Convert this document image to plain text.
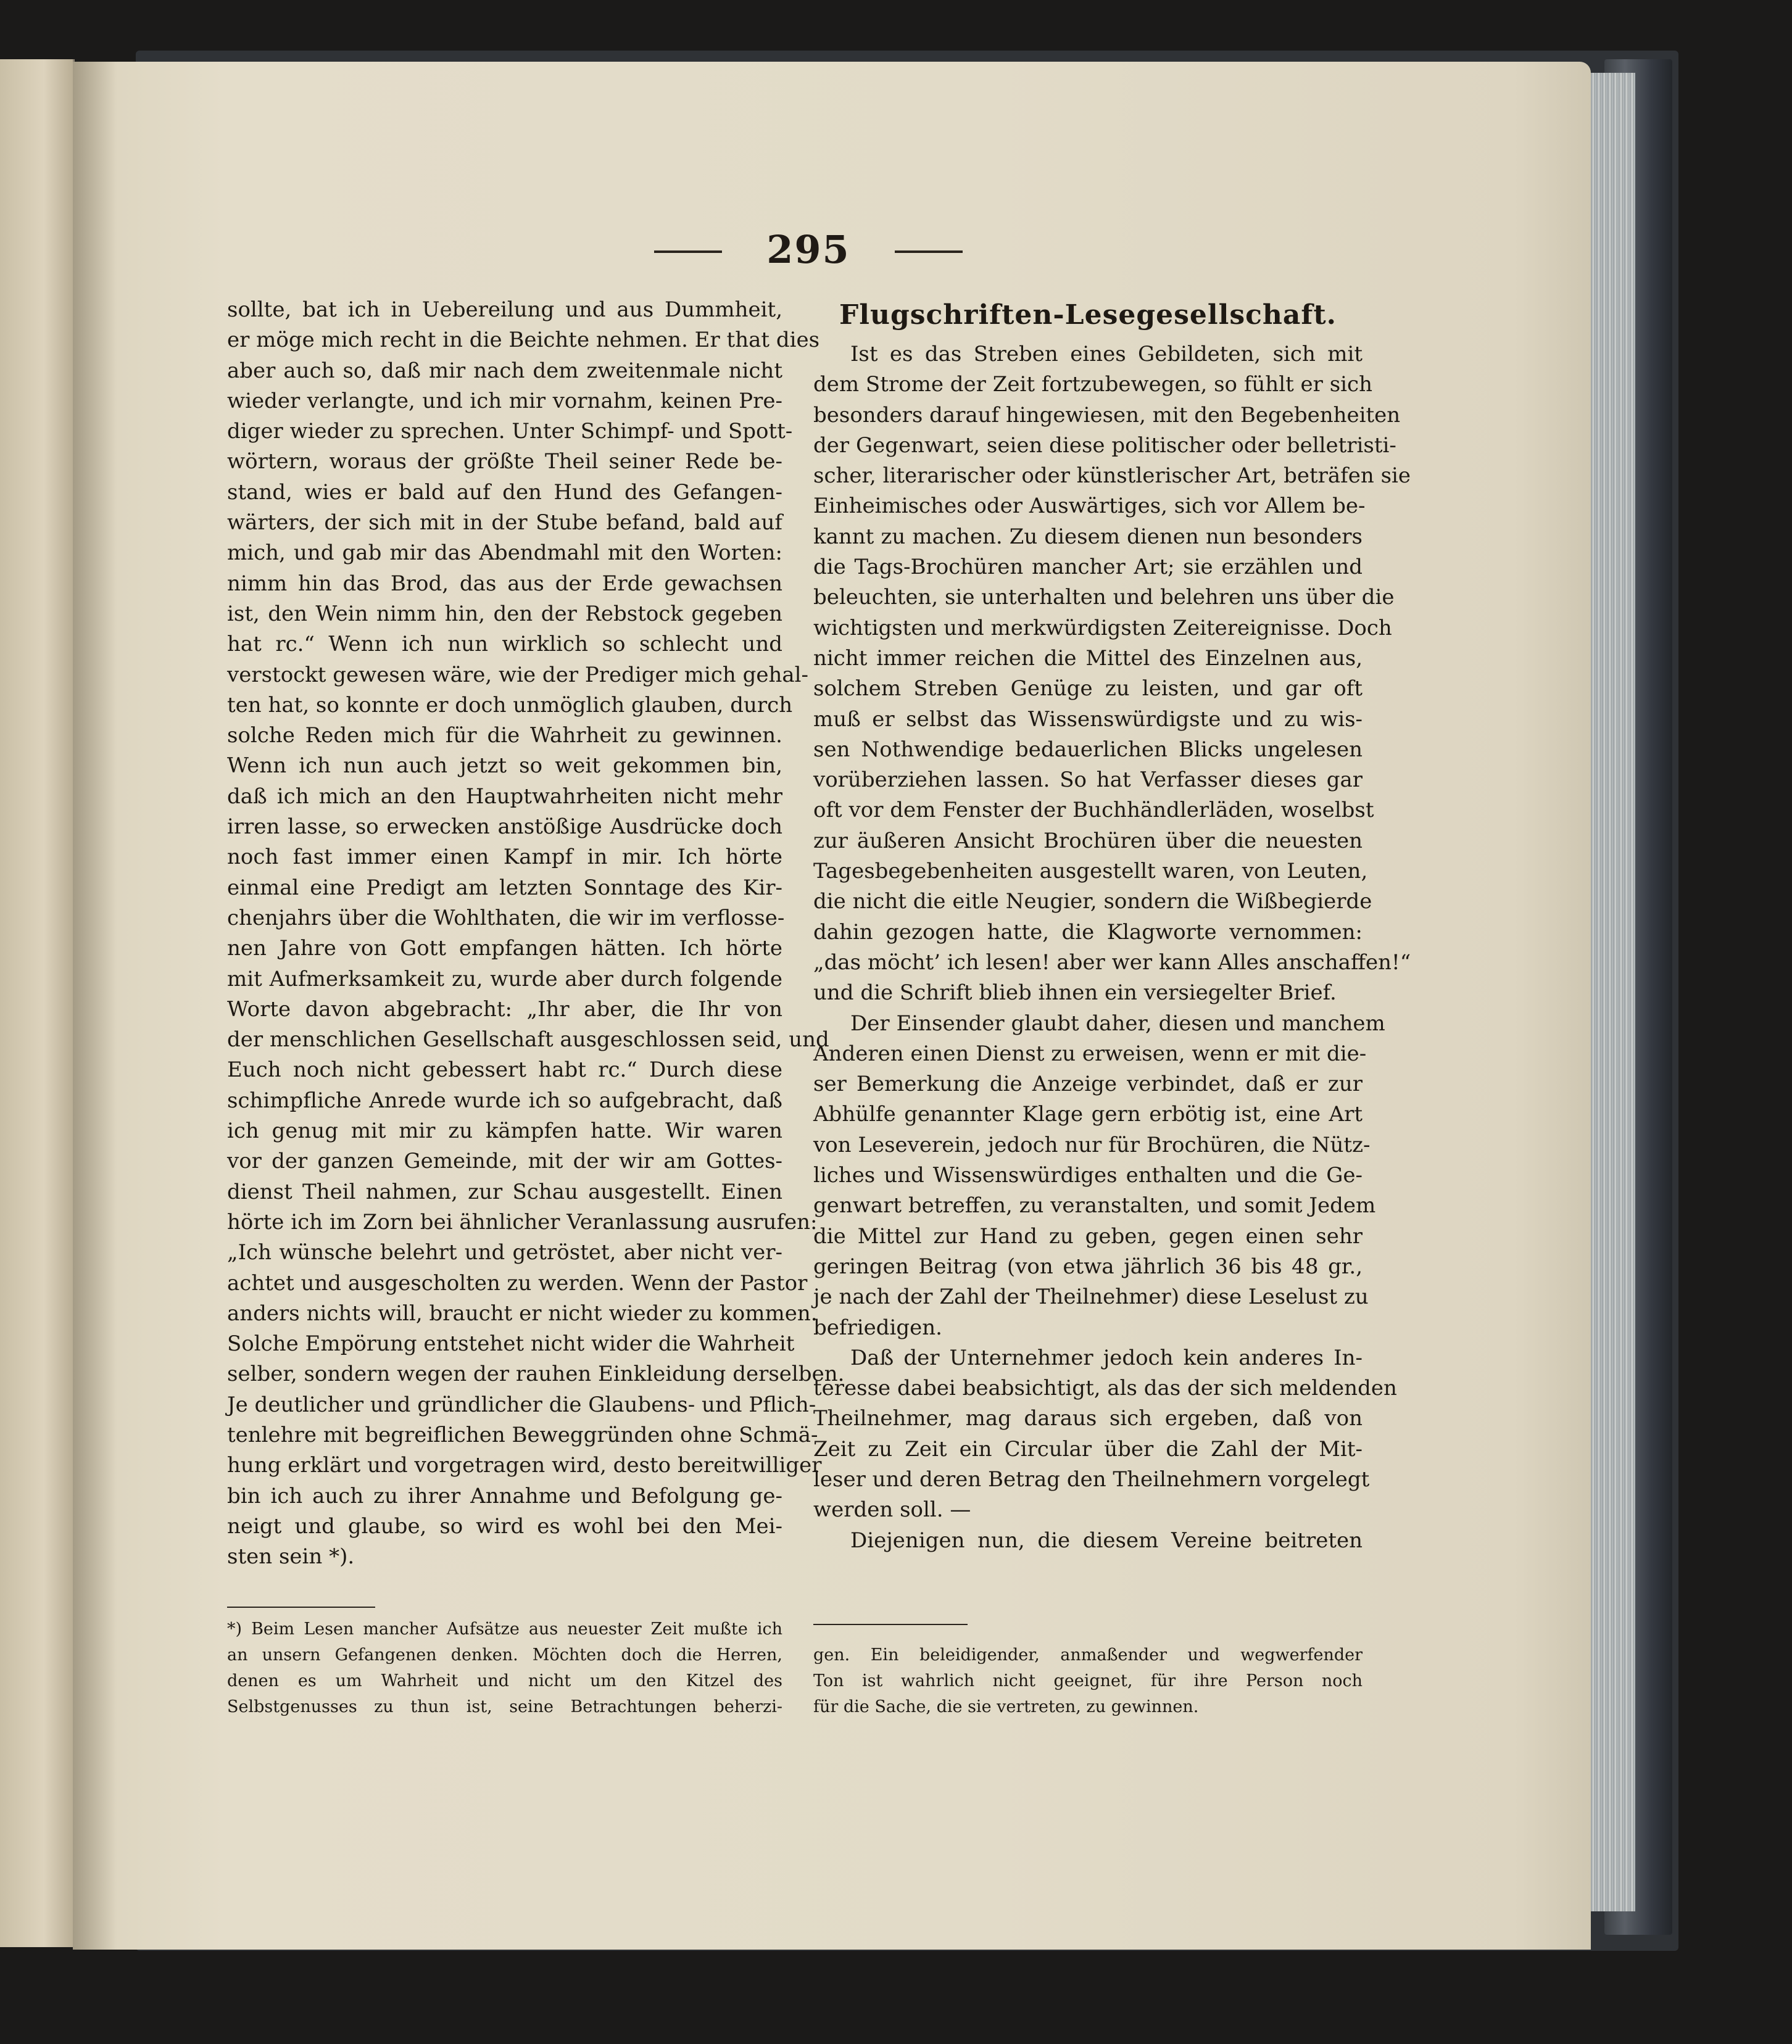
295
sollte, bat ich in Uebereilung und aus Dummheit,
er möge mich recht in die Beichte nehmen. Er that dies
aber auch so, daß mir nach dem zweitenmale nicht
wieder verlangte, und ich mir vornahm, keinen Pre-
diger wieder zu sprechen. Unter Schimpf- und Spott-
wörtern, woraus der größte Theil seiner Rede be-
stand, wies er bald auf den Hund des Gefangen-
wärters, der sich mit in der Stube befand, bald auf
mich, und gab mir das Abendmahl mit den Worten:
nimm hin das Brod, das aus der Erde gewachsen
ist, den Wein nimm hin, den der Rebstock gegeben
hat rc.“ Wenn ich nun wirklich so schlecht und
verstockt gewesen wäre, wie der Prediger mich gehal-
ten hat, so konnte er doch unmöglich glauben, durch
solche Reden mich für die Wahrheit zu gewinnen.
Wenn ich nun auch jetzt so weit gekommen bin,
daß ich mich an den Hauptwahrheiten nicht mehr
irren lasse, so erwecken anstößige Ausdrücke doch
noch fast immer einen Kampf in mir. Ich hörte
einmal eine Predigt am letzten Sonntage des Kir-
chenjahrs über die Wohlthaten, die wir im verflosse-
nen Jahre von Gott empfangen hätten. Ich hörte
mit Aufmerksamkeit zu, wurde aber durch folgende
Worte davon abgebracht: „Ihr aber, die Ihr von
der menschlichen Gesellschaft ausgeschlossen seid, und
Euch noch nicht gebessert habt rc.“ Durch diese
schimpfliche Anrede wurde ich so aufgebracht, daß
ich genug mit mir zu kämpfen hatte. Wir waren
vor der ganzen Gemeinde, mit der wir am Gottes-
dienst Theil nahmen, zur Schau ausgestellt. Einen
hörte ich im Zorn bei ähnlicher Veranlassung ausrufen:
„Ich wünsche belehrt und getröstet, aber nicht ver-
achtet und ausgescholten zu werden. Wenn der Pastor
anders nichts will, braucht er nicht wieder zu kommen.
Solche Empörung entstehet nicht wider die Wahrheit
selber, sondern wegen der rauhen Einkleidung derselben.
Je deutlicher und gründlicher die Glaubens- und Pflich-
tenlehre mit begreiflichen Beweggründen ohne Schmä-
hung erklärt und vorgetragen wird, desto bereitwilliger
bin ich auch zu ihrer Annahme und Befolgung ge-
neigt und glaube, so wird es wohl bei den Mei-
sten sein *).
Flugschriften-Lesegesellschaft.
Ist es das Streben eines Gebildeten, sich mit
dem Strome der Zeit fortzubewegen, so fühlt er sich
besonders darauf hingewiesen, mit den Begebenheiten
der Gegenwart, seien diese politischer oder belletristi-
scher, literarischer oder künstlerischer Art, beträfen sie
Einheimisches oder Auswärtiges, sich vor Allem be-
kannt zu machen. Zu diesem dienen nun besonders
die Tags-Brochüren mancher Art; sie erzählen und
beleuchten, sie unterhalten und belehren uns über die
wichtigsten und merkwürdigsten Zeitereignisse. Doch
nicht immer reichen die Mittel des Einzelnen aus,
solchem Streben Genüge zu leisten, und gar oft
muß er selbst das Wissenswürdigste und zu wis-
sen Nothwendige bedauerlichen Blicks ungelesen
vorüberziehen lassen. So hat Verfasser dieses gar
oft vor dem Fenster der Buchhändlerläden, woselbst
zur äußeren Ansicht Brochüren über die neuesten
Tagesbegebenheiten ausgestellt waren, von Leuten,
die nicht die eitle Neugier, sondern die Wißbegierde
dahin gezogen hatte, die Klagworte vernommen:
„das möcht’ ich lesen! aber wer kann Alles anschaffen!“
und die Schrift blieb ihnen ein versiegelter Brief.
Der Einsender glaubt daher, diesen und manchem
Anderen einen Dienst zu erweisen, wenn er mit die-
ser Bemerkung die Anzeige verbindet, daß er zur
Abhülfe genannter Klage gern erbötig ist, eine Art
von Leseverein, jedoch nur für Brochüren, die Nütz-
liches und Wissenswürdiges enthalten und die Ge-
genwart betreffen, zu veranstalten, und somit Jedem
die Mittel zur Hand zu geben, gegen einen sehr
geringen Beitrag (von etwa jährlich 36 bis 48 gr.,
je nach der Zahl der Theilnehmer) diese Leselust zu
befriedigen.
Daß der Unternehmer jedoch kein anderes In-
teresse dabei beabsichtigt, als das der sich meldenden
Theilnehmer, mag daraus sich ergeben, daß von
Zeit zu Zeit ein Circular über die Zahl der Mit-
leser und deren Betrag den Theilnehmern vorgelegt
werden soll. —
Diejenigen nun, die diesem Vereine beitreten
*) Beim Lesen mancher Aufsätze aus neuester Zeit mußte ich
an unsern Gefangenen denken. Möchten doch die Herren,
denen es um Wahrheit und nicht um den Kitzel des
Selbstgenusses zu thun ist, seine Betrachtungen beherzi-
gen. Ein beleidigender, anmaßender und wegwerfender
Ton ist wahrlich nicht geeignet, für ihre Person noch
für die Sache, die sie vertreten, zu gewinnen.
